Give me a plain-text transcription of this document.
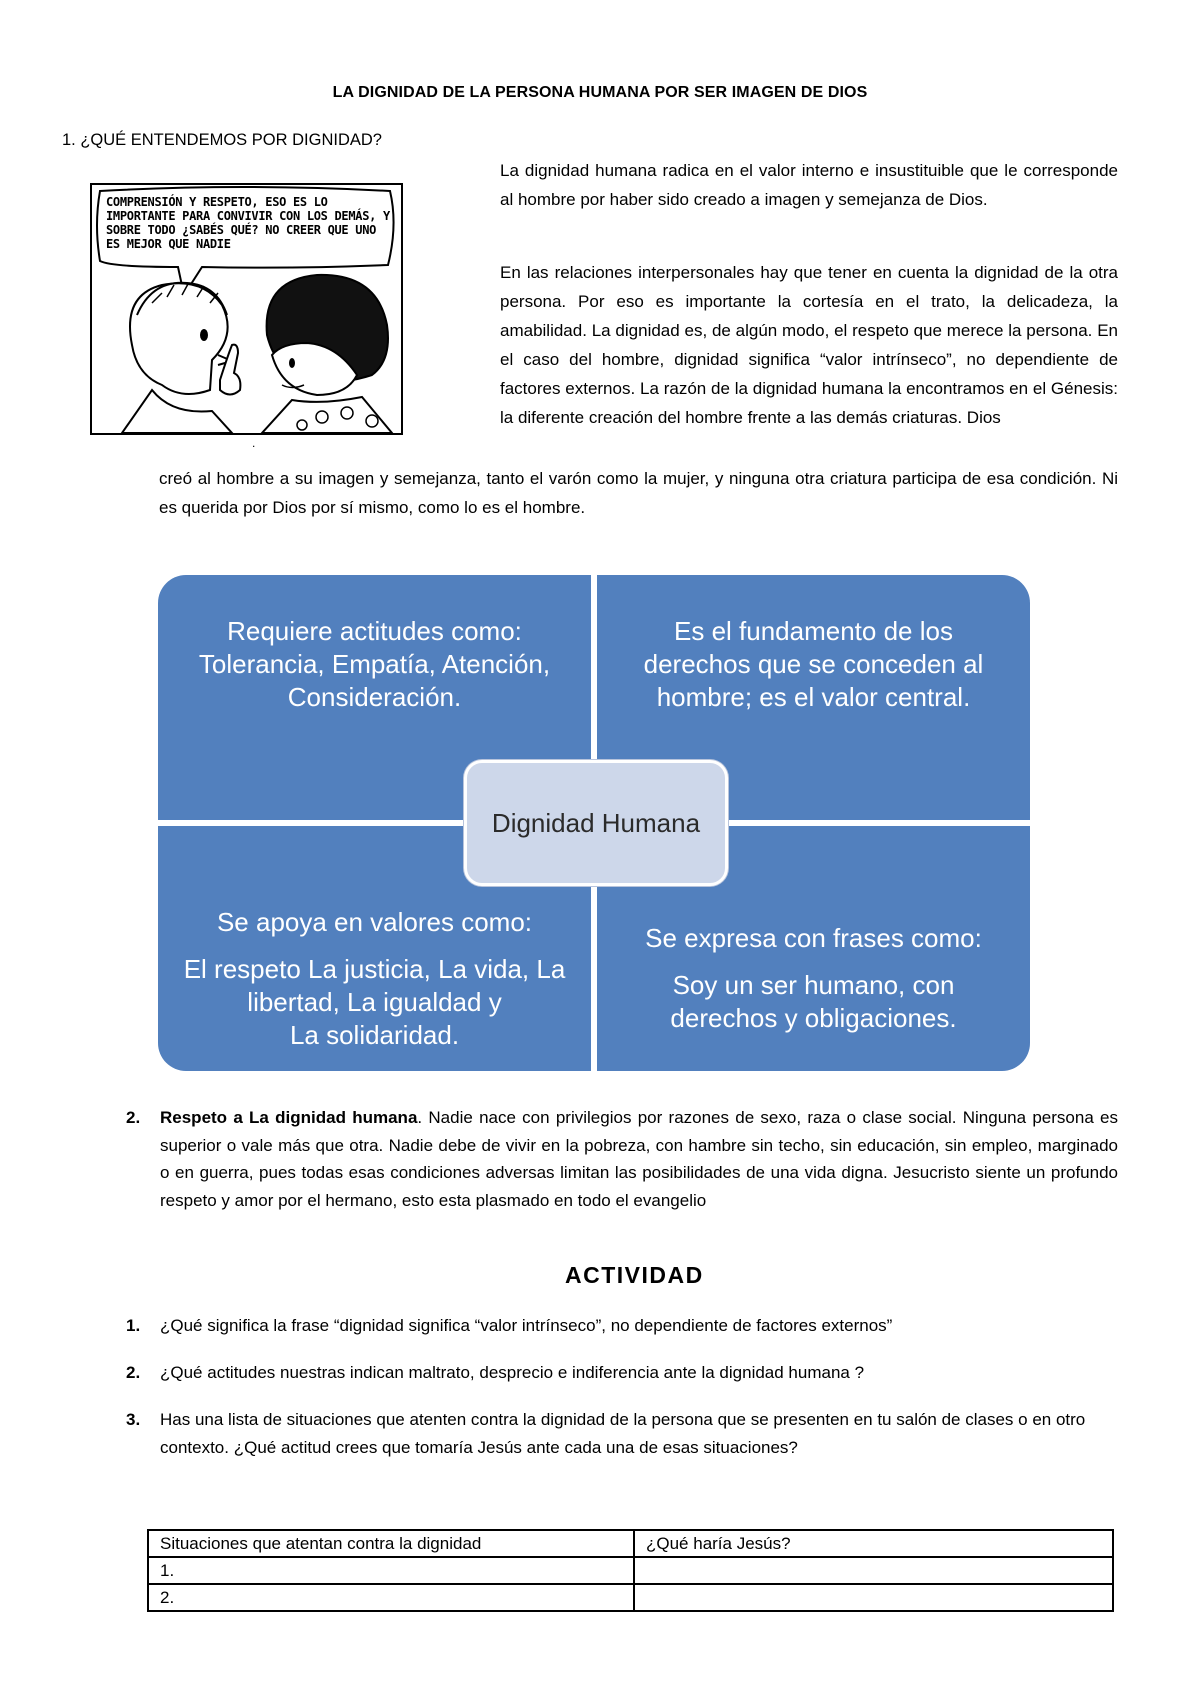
LA DIGNIDAD DE LA PERSONA HUMANA POR SER IMAGEN DE DIOS
1. ¿QUÉ ENTENDEMOS POR DIGNIDAD?
COMPRENSIÓN Y RESPETO, ESO ES LO IMPORTANTE PARA CONVIVIR CON LOS DEMÁS, Y SOBRE TODO ¿SABÉS QUÉ? NO CREER QUE UNO ES MEJOR QUE NADIE
.
La dignidad humana radica en el valor interno e insustituible que le corresponde al hombre por haber sido creado a imagen y semejanza de Dios.
En las relaciones interpersonales hay que tener en cuenta la dignidad de la otra persona. Por eso es importante la cortesía en el trato, la delicadeza, la amabilidad. La dignidad es, de algún modo, el respeto que merece la persona. En el caso del hombre, dignidad significa “valor intrínseco”, no dependiente de factores externos. La razón de la dignidad humana la encontramos en el Génesis: la diferente creación del hombre frente a las demás criaturas. Dios
creó al hombre a su imagen y semejanza, tanto el varón como la mujer, y ninguna otra criatura participa de esa condición. Ni es querida por Dios por sí mismo, como lo es el hombre.
Requiere actitudes como:
Tolerancia, Empatía, Atención,
Consideración.
Es el fundamento de los
derechos que se conceden al
hombre; es el valor central.
Se apoya en valores como:
El respeto La justicia, La vida, La
libertad, La igualdad y
La solidaridad.
Se expresa con frases como:
Soy un ser humano, con
derechos y obligaciones.
Dignidad Humana
2. Respeto a La dignidad humana. Nadie nace con privilegios por razones de sexo, raza o clase social. Ninguna persona es superior o vale más que otra. Nadie debe de vivir en la pobreza, con hambre sin techo, sin educación, sin empleo, marginado o en guerra, pues todas esas condiciones adversas limitan las posibilidades de una vida digna. Jesucristo siente un profundo respeto y amor por el hermano, esto esta plasmado en todo el evangelio
ACTIVIDAD
1. ¿Qué significa la frase “dignidad significa “valor intrínseco”, no dependiente de factores externos”
2. ¿Qué actitudes nuestras indican maltrato, desprecio e indiferencia ante la dignidad humana ?
3. Has una lista de situaciones que atenten contra la dignidad de la persona que se presenten en tu salón de clases o en otro contexto. ¿Qué actitud crees que tomaría Jesús ante cada una de esas situaciones?
Situaciones que atentan contra la dignidad	¿Qué haría Jesús?
1.	
2.	
